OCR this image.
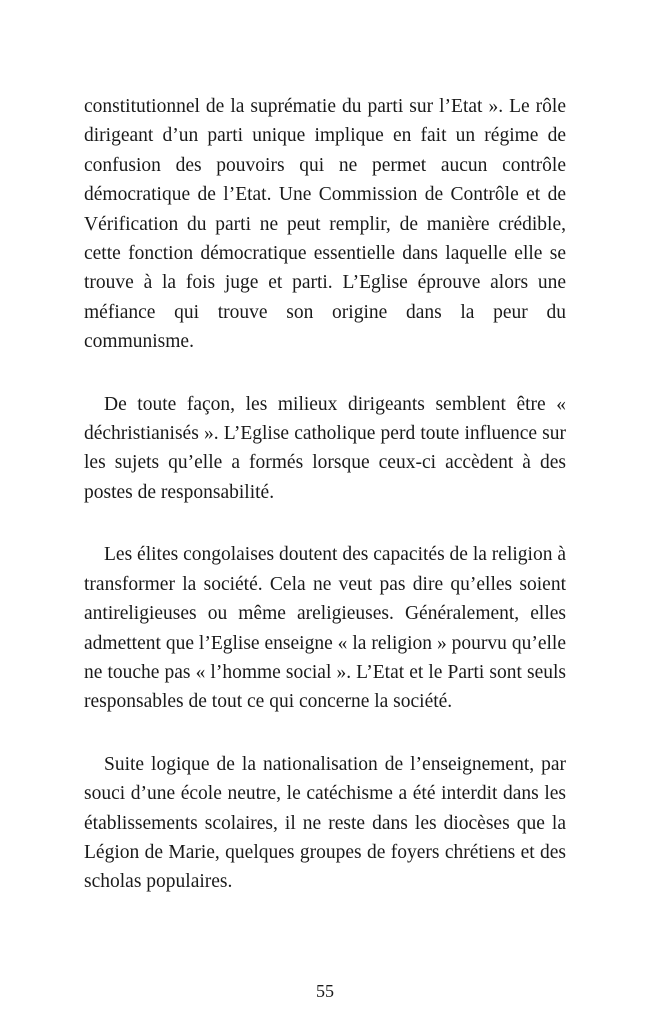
constitutionnel de la suprématie du parti sur l’Etat ». Le rôle dirigeant d’un parti unique implique en fait un régime de confusion des pouvoirs qui ne permet aucun contrôle démocratique de l’Etat. Une Commission de Contrôle et de Vérification du parti ne peut remplir, de manière crédible, cette fonction démocratique essentielle dans laquelle elle se trouve à la fois juge et parti. L’Eglise éprouve alors une méfiance qui trouve son origine dans la peur du communisme.

De toute façon, les milieux dirigeants semblent être « déchristianisés ». L’Eglise catholique perd toute influence sur les sujets qu’elle a formés lorsque ceux-ci accèdent à des postes de responsabilité.

Les élites congolaises doutent des capacités de la religion à transformer la société. Cela ne veut pas dire qu’elles soient antireligieuses ou même areligieuses. Généralement, elles admettent que l’Eglise enseigne « la religion » pourvu qu’elle ne touche pas « l’homme social ». L’Etat et le Parti sont seuls responsables de tout ce qui concerne la société.

Suite logique de la nationalisation de l’enseignement, par souci d’une école neutre, le catéchisme a été interdit dans les établissements scolaires, il ne reste dans les diocèses que la Légion de Marie, quelques groupes de foyers chrétiens et des scholas populaires.

55
